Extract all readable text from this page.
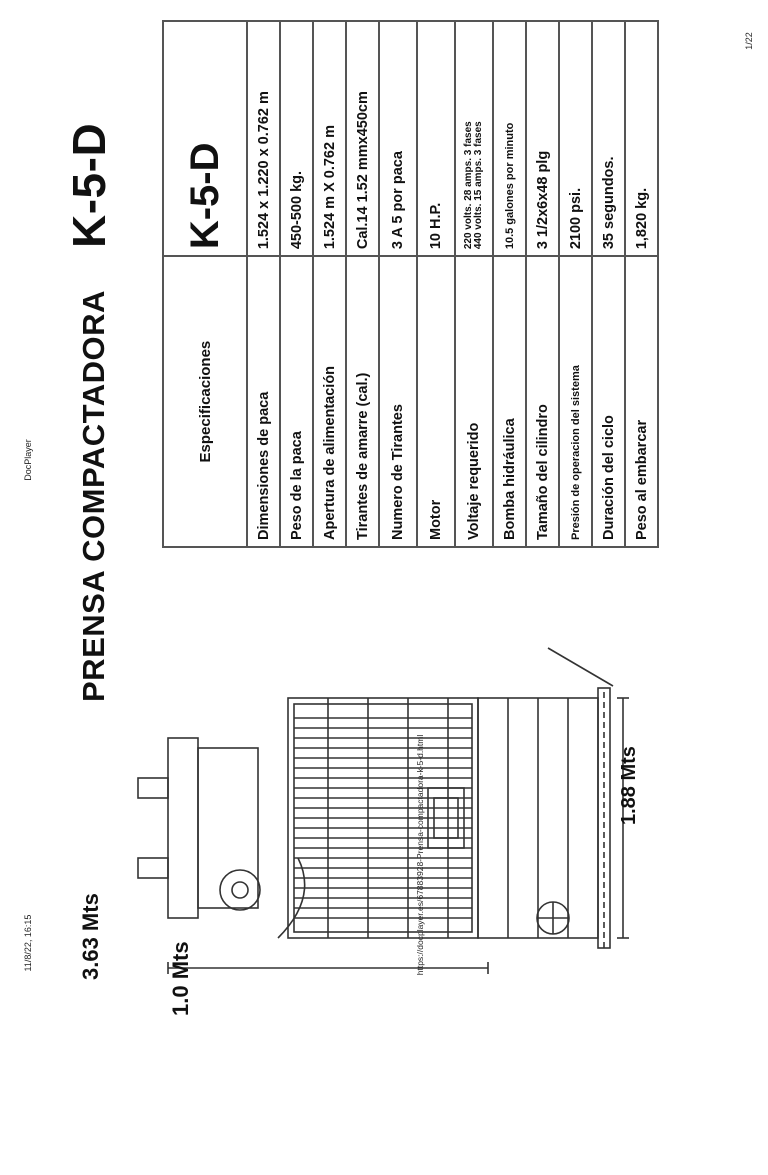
11/8/22, 16:15
DocPlayer
https://docplayer.es/67883928-Prensa-compactadora-k-5-d.html
1/22
PRENSA COMPACTADORA
K-5-D
3.63 Mts
1.88 Mts
1.0 Mts
Especificaciones	K-5-D
Dimensiones de paca	1.524 x 1.220 x 0.762 m
Peso de la paca	450-500 kg.
Apertura de alimentación	1.524 m X 0.762 m
Tirantes de amarre (cal.)	Cal.14 1.52 mmx450cm
Numero de Tirantes	3 A 5 por paca
Motor	10 H.P.
Voltaje requerido	220 volts. 28 amps. 3 fases 440 volts. 15 amps. 3 fases

Bomba hidráulica	10.5 galones por minuto
Tamaño del cilindro	3 1/2x6x48 plg
Presión de operacion del sistema	2100 psi.
Duración del ciclo	35 segundos.
Peso al embarcar	1,820 kg.
